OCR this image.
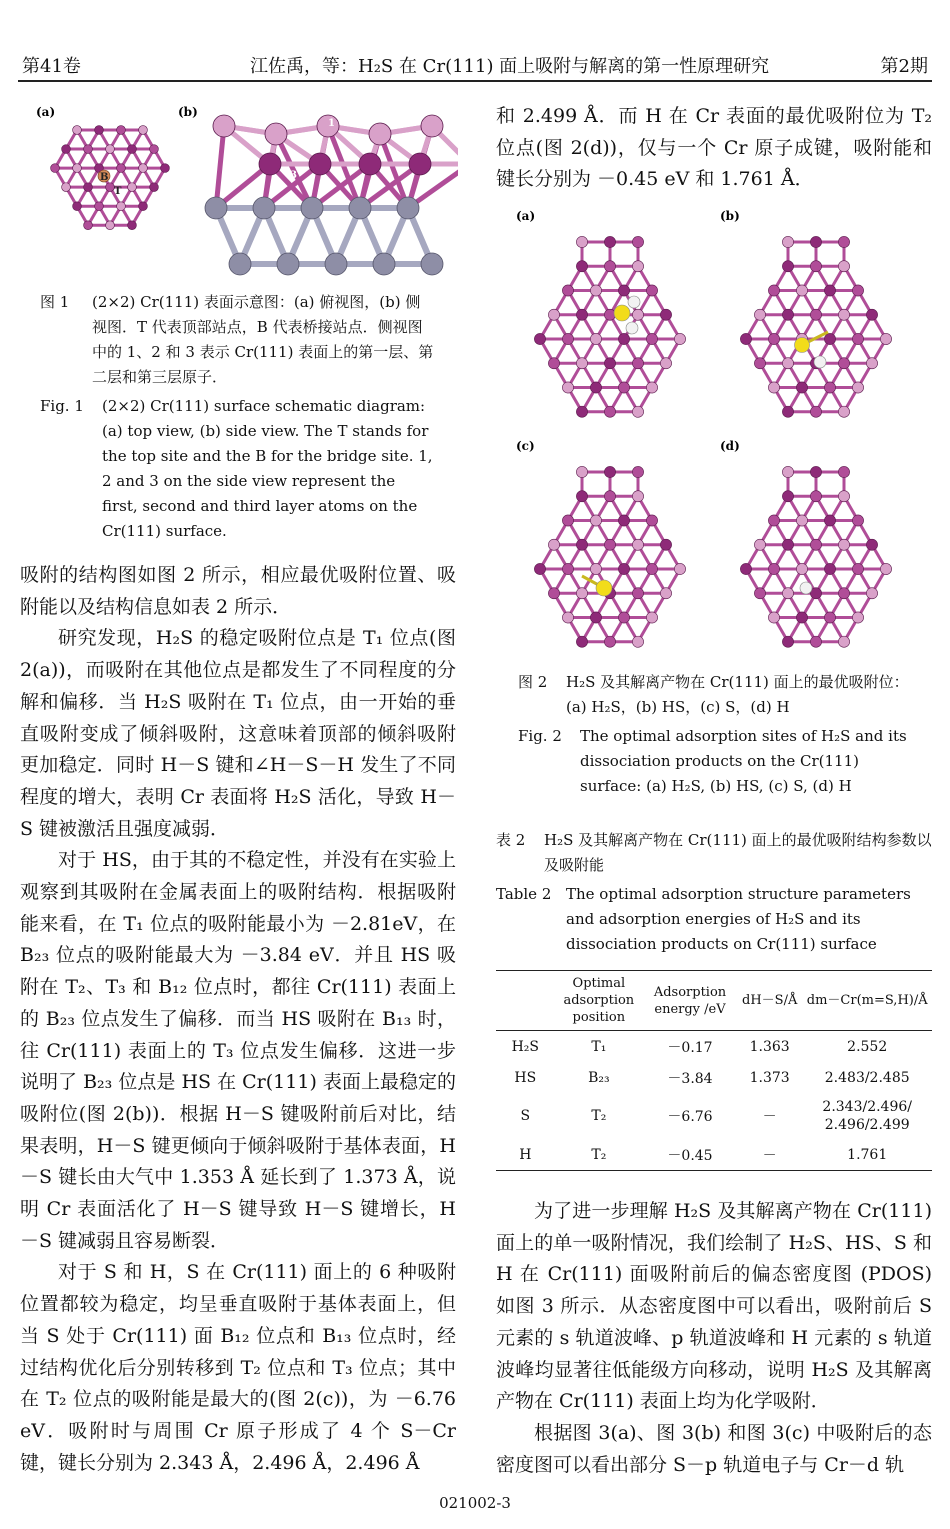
第41卷	江佐禹，等：H₂S 在 Cr(111) 面上吸附与解离的第一性原理研究	第2期
(a)	(b)
B
T
1
2
3
图 1	(2×2) Cr(111) 表面示意图：(a) 俯视图，(b) 侧视图．T 代表顶部站点，B 代表桥接站点．侧视图中的 1、2 和 3 表示 Cr(111) 表面上的第一层、第二层和第三层原子．
Fig. 1	(2×2) Cr(111) surface schematic diagram: (a) top view, (b) side view. The T stands for the top site and the B for the bridge site. 1, 2 and 3 on the side view represent the first, second and third layer atoms on the Cr(111) surface.

吸附的结构图如图 2 所示，相应最优吸附位置、吸附能以及结构信息如表 2 所示．

研究发现，H₂S 的稳定吸附位点是 T₁ 位点(图 2(a))，而吸附在其他位点是都发生了不同程度的分解和偏移．当 H₂S 吸附在 T₁ 位点，由一开始的垂直吸附变成了倾斜吸附，这意味着顶部的倾斜吸附更加稳定．同时 H－S 键和∠H－S－H 发生了不同程度的增大，表明 Cr 表面将 H₂S 活化，导致 H－S 键被激活且强度减弱．

对于 HS，由于其的不稳定性，并没有在实验上观察到其吸附在金属表面上的吸附结构．根据吸附能来看，在 T₁ 位点的吸附能最小为 －2.81eV，在 B₂₃ 位点的吸附能最大为 －3.84 eV．并且 HS 吸附在 T₂、T₃ 和 B₁₂ 位点时，都往 Cr(111) 表面上的 B₂₃ 位点发生了偏移．而当 HS 吸附在 B₁₃ 时，往 Cr(111) 表面上的 T₃ 位点发生偏移．这进一步说明了 B₂₃ 位点是 HS 在 Cr(111) 表面上最稳定的吸附位(图 2(b))．根据 H－S 键吸附前后对比，结果表明，H－S 键更倾向于倾斜吸附于基体表面，H－S 键长由大气中 1.353 Å 延长到了 1.373 Å，说明 Cr 表面活化了 H－S 键导致 H－S 键增长，H－S 键减弱且容易断裂．

对于 S 和 H，S 在 Cr(111) 面上的 6 种吸附位置都较为稳定，均呈垂直吸附于基体表面上，但当 S 处于 Cr(111) 面 B₁₂ 位点和 B₁₃ 位点时，经过结构优化后分别转移到 T₂ 位点和 T₃ 位点；其中在 T₂ 位点的吸附能是最大的(图 2(c))，为 －6.76 eV．吸附时与周围 Cr 原子形成了 4 个 S－Cr 键，键长分别为 2.343 Å，2.496 Å，2.496 Å

和 2.499 Å．而 H 在 Cr 表面的最优吸附位为 T₂ 位点(图 2(d))，仅与一个 Cr 原子成键，吸附能和键长分别为 －0.45 eV 和 1.761 Å．

(a)	(b)
(c)	(d)
图 2	H₂S 及其解离产物在 Cr(111) 面上的最优吸附位：(a) H₂S，(b) HS，(c) S，(d) H
Fig. 2	The optimal adsorption sites of H₂S and its dissociation products on the Cr(111) surface: (a) H₂S, (b) HS, (c) S, (d) H
表 2	H₂S 及其解离产物在 Cr(111) 面上的最优吸附结构参数以及吸附能
Table 2 The optimal adsorption structure parameters and adsorption energies of H₂S and its dissociation products on Cr(111) surface
	Optimal adsorption position	Adsorption energy /eV	dH－S/Å	dm－Cr(m=S,H)/Å
H₂S	T₁	－0.17	1.363	2.552
HS	B₂₃	－3.84	1.373	2.483/2.485
S	T₂	－6.76	－	2.343/2.496/ 2.496/2.499
H	T₂	－0.45	－	1.761

为了进一步理解 H₂S 及其解离产物在 Cr(111) 面上的单一吸附情况，我们绘制了 H₂S、HS、S 和 H 在 Cr(111) 面吸附前后的偏态密度图 (PDOS) 如图 3 所示．从态密度图中可以看出，吸附前后 S 元素的 s 轨道波峰、p 轨道波峰和 H 元素的 s 轨道波峰均显著往低能级方向移动，说明 H₂S 及其解离产物在 Cr(111) 表面上均为化学吸附．

根据图 3(a)、图 3(b) 和图 3(c) 中吸附后的态密度图可以看出部分 S－p 轨道电子与 Cr－d 轨

021002-3
